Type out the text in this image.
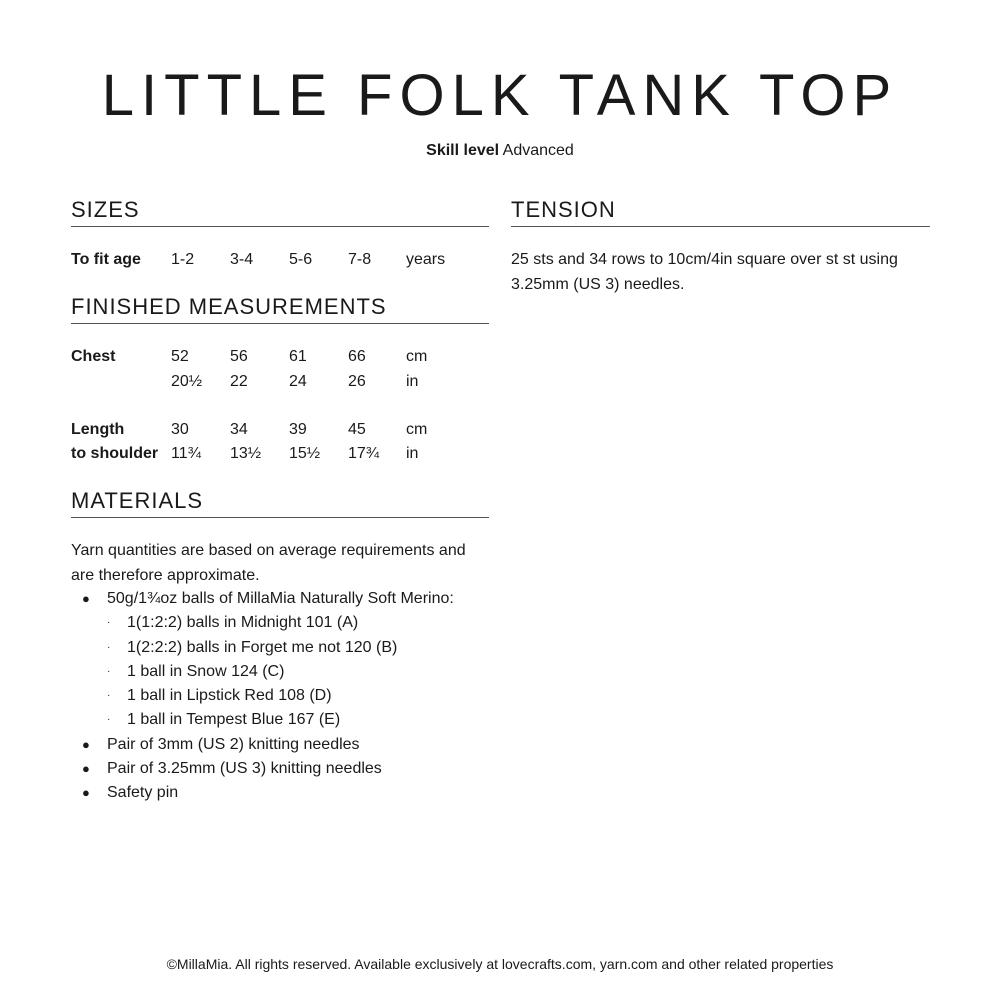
LITTLE FOLK TANK TOP
Skill level Advanced
SIZES
To fit age 1-2 3-4 5-6 7-8 years
FINISHED MEASUREMENTS
Chest	52	56	61	66	cm
20½ 22	24	26	in
Length	30	34	39	45	cm
to shoulder 11¾ 13½ 15½ 17¾ in
MATERIALS

Yarn quantities are based on average requirements and are therefore approximate.

● 50g/1¾oz balls of MillaMia Naturally Soft Merino:
· 1(1:2:2) balls in Midnight 101 (A)
· 1(2:2:2) balls in Forget me not 120 (B)
· 1 ball in Snow 124 (C)
· 1 ball in Lipstick Red 108 (D)
· 1 ball in Tempest Blue 167 (E)
● Pair of 3mm (US 2) knitting needles
● Pair of 3.25mm (US 3) knitting needles
● Safety pin
TENSION

25 sts and 34 rows to 10cm/4in square over st st using 3.25mm (US 3) needles.

©MillaMia. All rights reserved. Available exclusively at lovecrafts.com, yarn.com and other related properties
